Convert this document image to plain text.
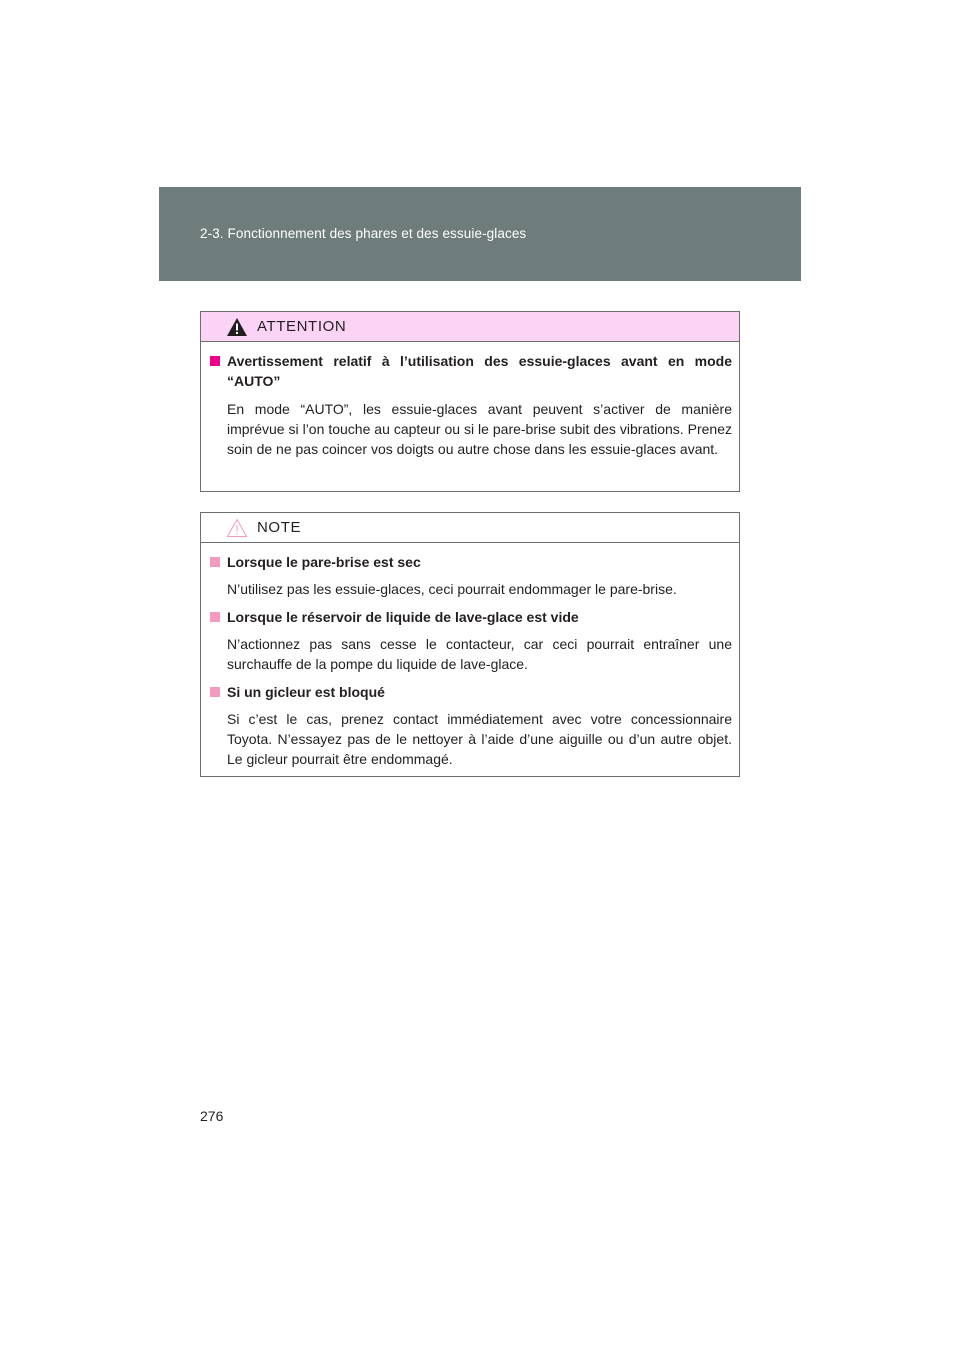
2-3. Fonctionnement des phares et des essuie-glaces
ATTENTION
Avertissement relatif à l’utilisation des essuie-glaces avant en mode “AUTO”
En mode “AUTO”, les essuie-glaces avant peuvent s’activer de manière imprévue si l’on touche au capteur ou si le pare-brise subit des vibrations. Prenez soin de ne pas coincer vos doigts ou autre chose dans les essuie-glaces avant.
NOTE
Lorsque le pare-brise est sec
N’utilisez pas les essuie-glaces, ceci pourrait endommager le pare-brise.
Lorsque le réservoir de liquide de lave-glace est vide
N’actionnez pas sans cesse le contacteur, car ceci pourrait entraîner une surchauffe de la pompe du liquide de lave-glace.
Si un gicleur est bloqué
Si c’est le cas, prenez contact immédiatement avec votre concessionnaire Toyota. N’essayez pas de le nettoyer à l’aide d’une aiguille ou d’un autre objet. Le gicleur pourrait être endommagé.
276
